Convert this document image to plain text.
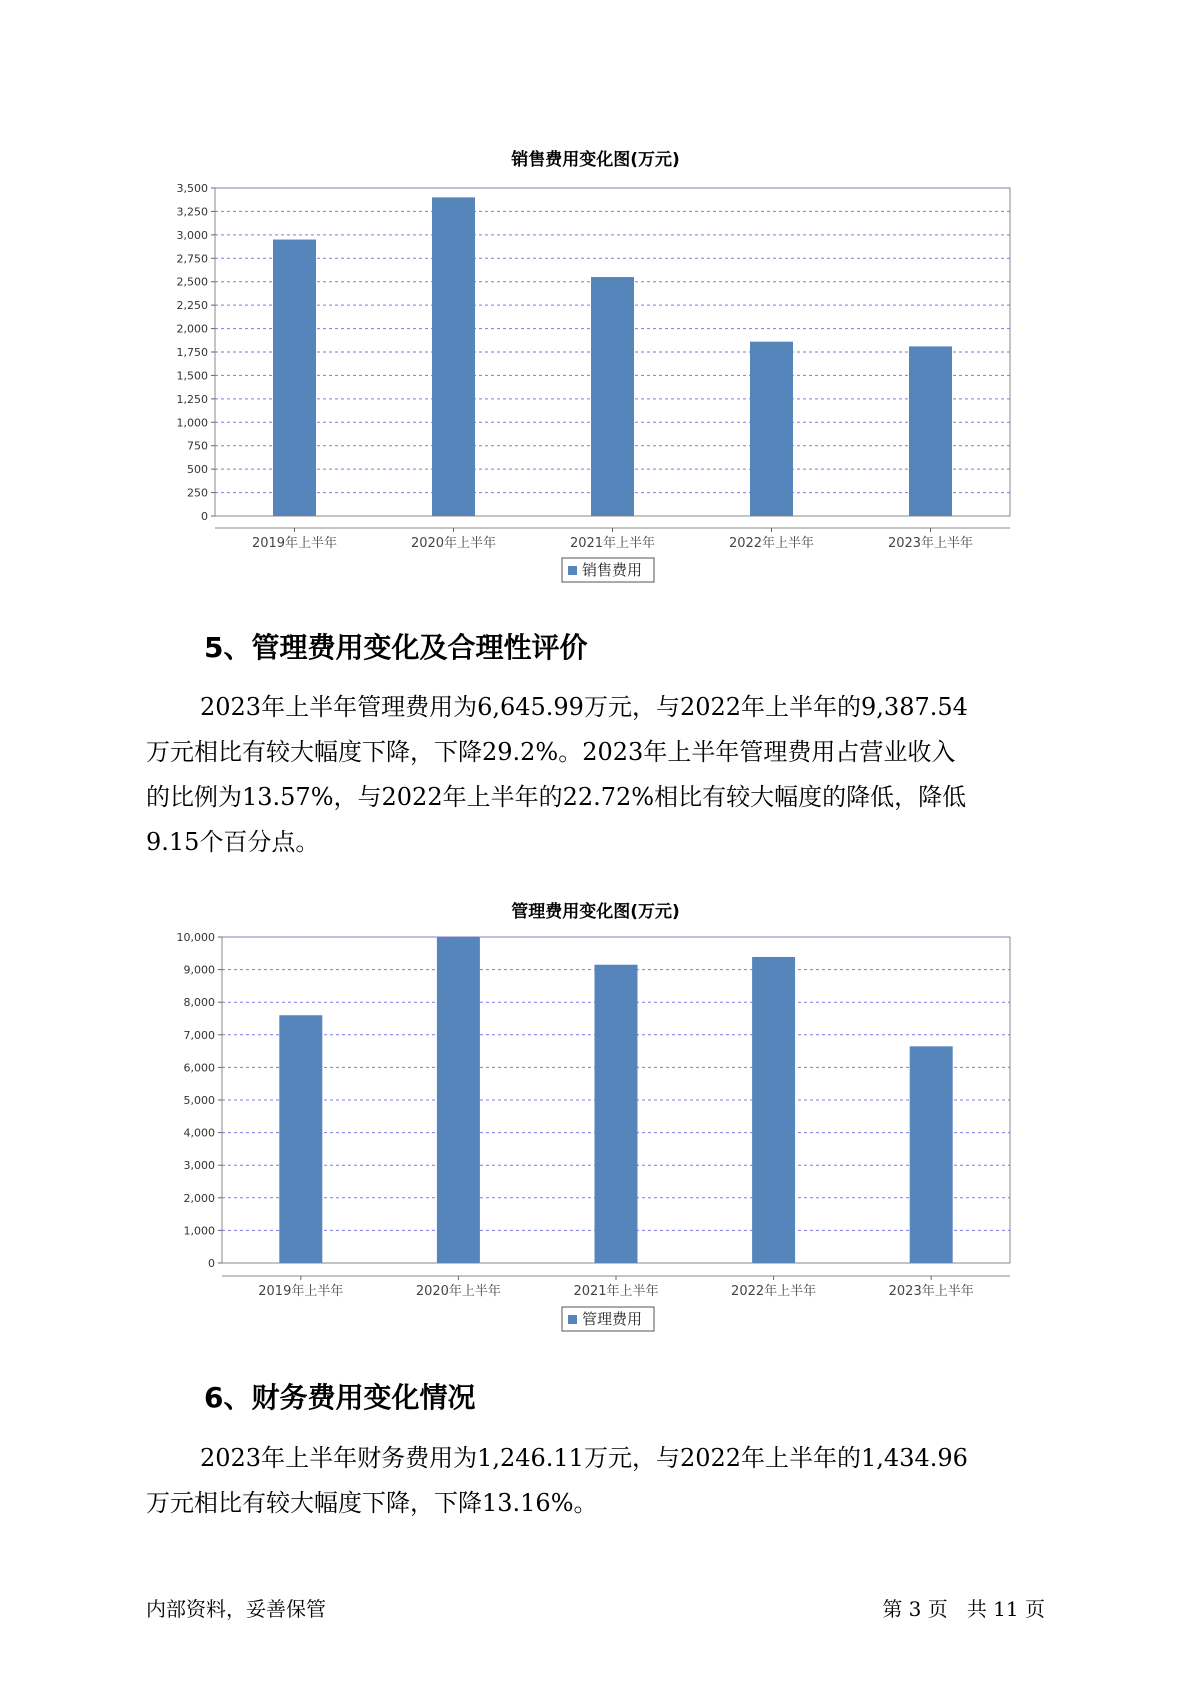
销售费用变化图(万元)
0
250
500
750
1,000
1,250
1,500
1,750
2,000
2,250
2,500
2,750
3,000
3,250
3,500
2019年上半年	2020年上半年	2021年上半年	2022年上半年	2023年上半年
销售费用
5、管理费用变化及合理性评价

2023年上半年管理费用为6,645.99万元，与2022年上半年的9,387.54

万元相比有较大幅度下降，下降29.2%。2023年上半年管理费用占营业收入

的比例为13.57%，与2022年上半年的22.72%相比有较大幅度的降低，降低

9.15个百分点。

管理费用变化图(万元)
0
1,000
2,000
3,000
4,000
5,000
6,000
7,000
8,000
9,000
10,000
2019年上半年	2020年上半年	2021年上半年	2022年上半年	2023年上半年
管理费用
6、财务费用变化情况

2023年上半年财务费用为1,246.11万元，与2022年上半年的1,434.96

万元相比有较大幅度下降，下降13.16%。

内部资料，妥善保管	第 3 页   共 11 页
